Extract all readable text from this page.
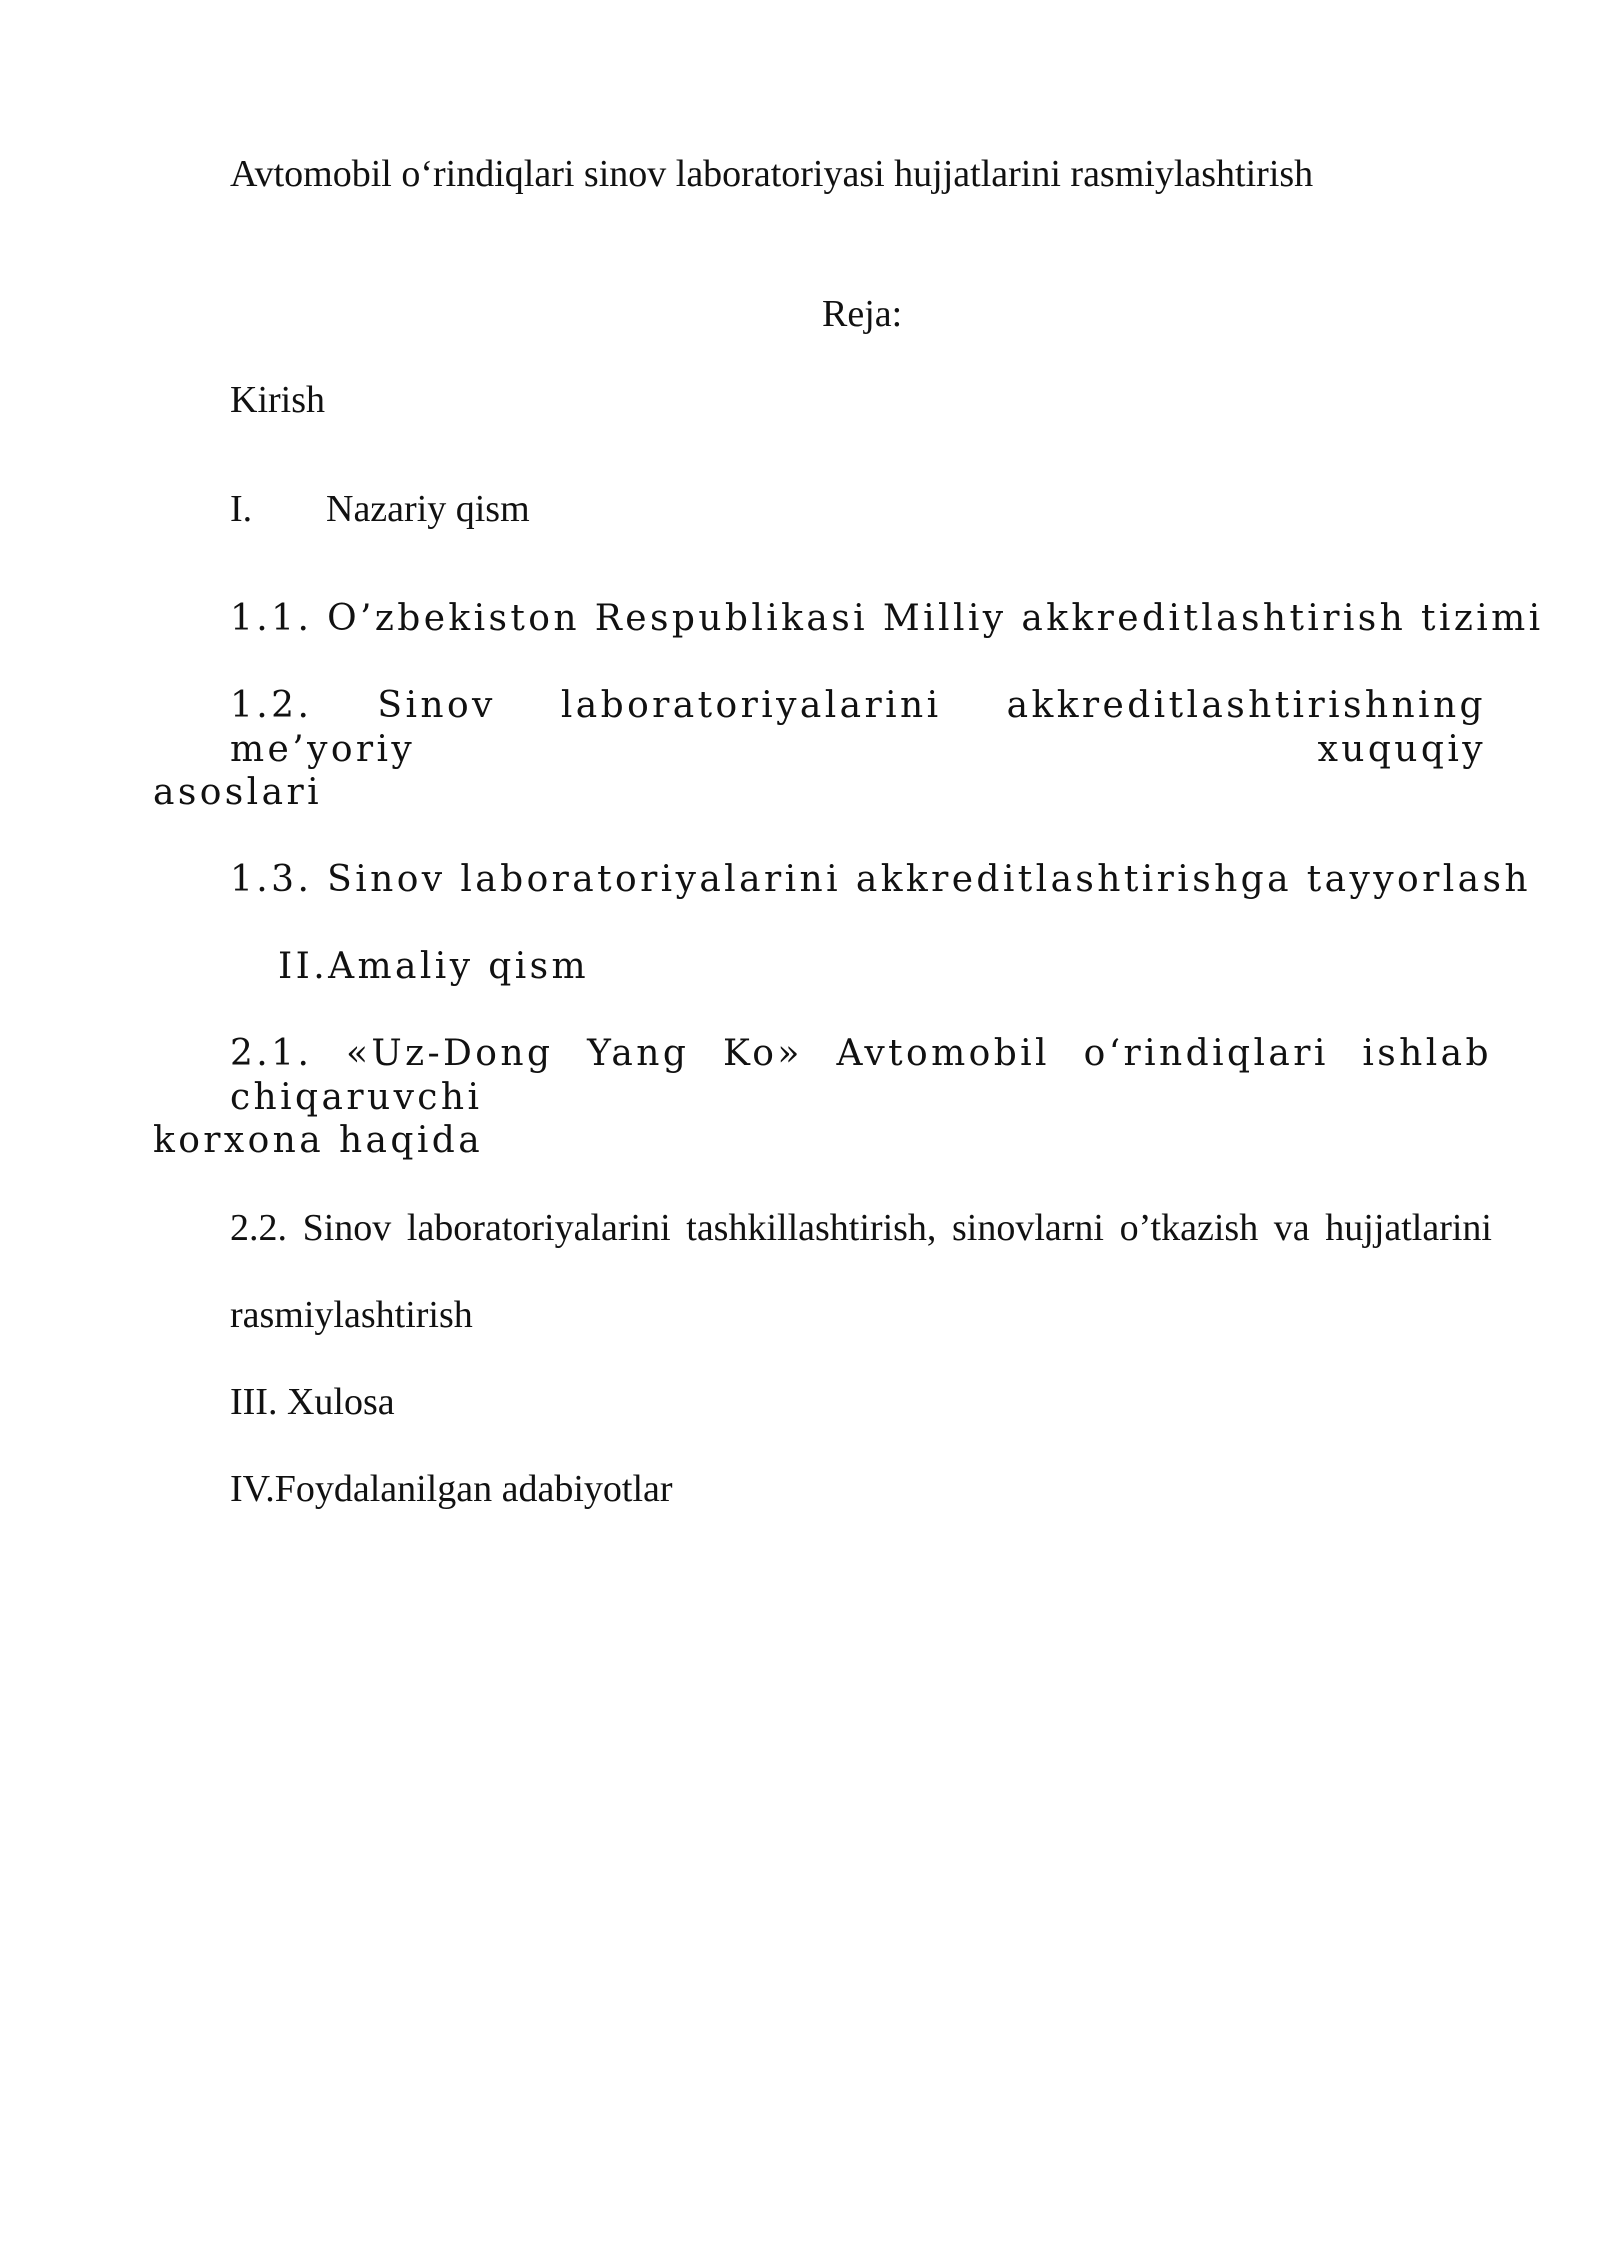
Avtomobil o‘rindiqlari sinov laboratoriyasi hujjatlarini rasmiylashtirish
Reja:
Kirish
I. Nazariy qism
1.1. O’zbekiston Respublikasi Milliy akkreditlashtirish tizimi
1.2. Sinov laboratoriyalarini akkreditlashtirishning me’yoriy xuquqiy
asoslari
1.3. Sinov laboratoriyalarini akkreditlashtirishga tayyorlash
II.Amaliy qism
2.1. «Uz-Dong Yang Ko» Avtomobil o‘rindiqlari ishlab chiqaruvchi
korxona haqida
2.2. Sinov laboratoriyalarini tashkillashtirish, sinovlarni o’tkazish va hujjatlarini
rasmiylashtirish
III. Xulosa
IV.Foydalanilgan adabiyotlar
